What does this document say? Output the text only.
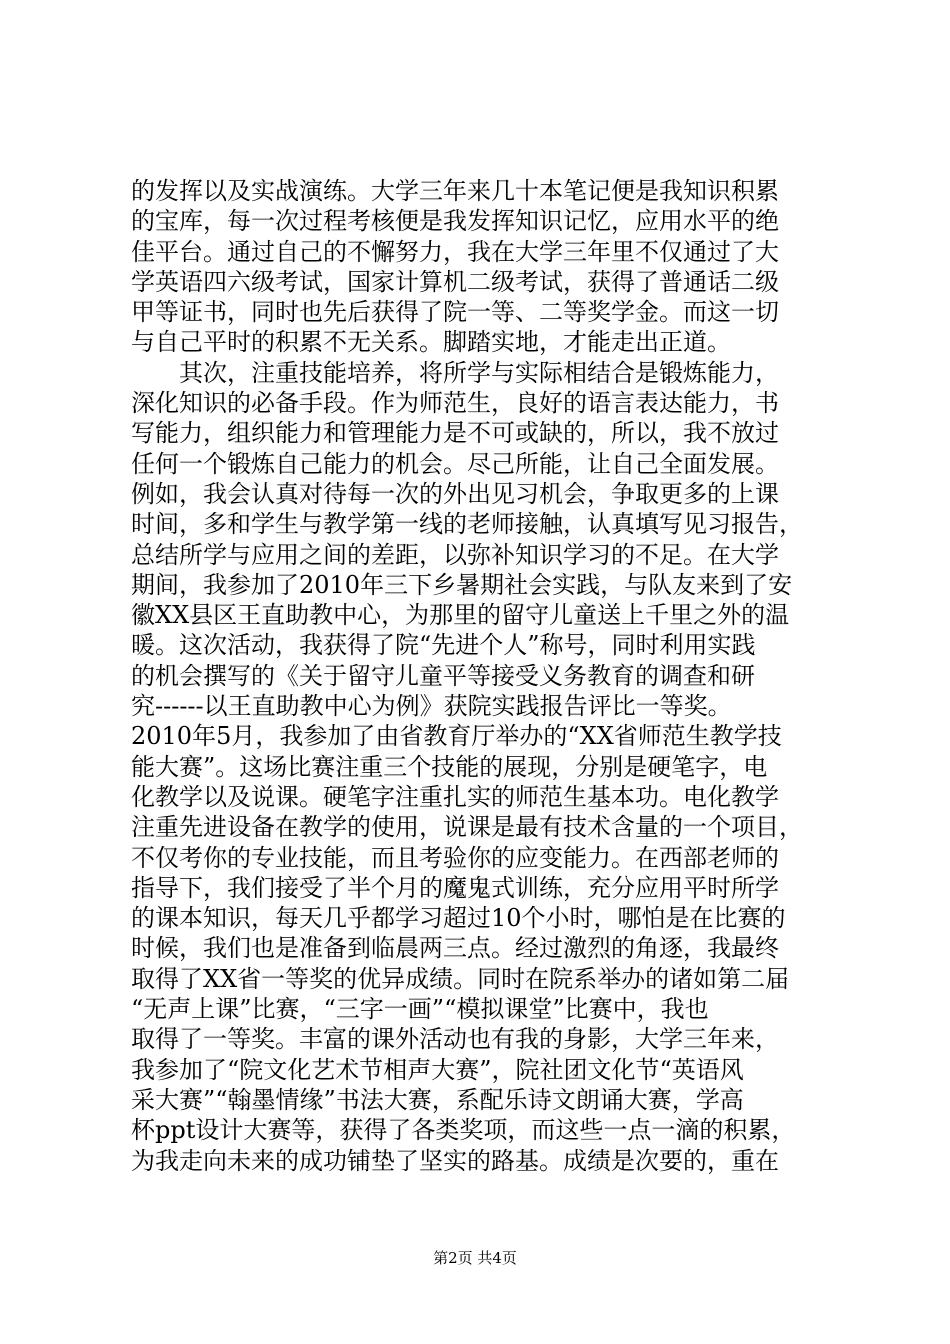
的发挥以及实战演练。大学三年来几十本笔记便是我知识积累
的宝库，每一次过程考核便是我发挥知识记忆，应用水平的绝
佳平台。通过自己的不懈努力，我在大学三年里不仅通过了大
学英语四六级考试，国家计算机二级考试，获得了普通话二级
甲等证书，同时也先后获得了院一等、二等奖学金。而这一切
与自己平时的积累不无关系。脚踏实地，才能走出正道。
　　其次，注重技能培养，将所学与实际相结合是锻炼能力，
深化知识的必备手段。作为师范生，良好的语言表达能力，书
写能力，组织能力和管理能力是不可或缺的，所以，我不放过
任何一个锻炼自己能力的机会。尽己所能，让自己全面发展。
例如，我会认真对待每一次的外出见习机会，争取更多的上课
时间，多和学生与教学第一线的老师接触，认真填写见习报告，
总结所学与应用之间的差距，以弥补知识学习的不足。在大学
期间，我参加了2010年三下乡暑期社会实践，与队友来到了安
徽XX县区王直助教中心，为那里的留守儿童送上千里之外的温
暖。这次活动，我获得了院“先进个人”称号，同时利用实践
的机会撰写的《关于留守儿童平等接受义务教育的调查和研
究------以王直助教中心为例》获院实践报告评比一等奖。
2010年5月，我参加了由省教育厅举办的“XX省师范生教学技
能大赛”。这场比赛注重三个技能的展现，分别是硬笔字，电
化教学以及说课。硬笔字注重扎实的师范生基本功。电化教学
注重先进设备在教学的使用，说课是最有技术含量的一个项目，
不仅考你的专业技能，而且考验你的应变能力。在西部老师的
指导下，我们接受了半个月的魔鬼式训练，充分应用平时所学
的课本知识，每天几乎都学习超过10个小时，哪怕是在比赛的
时候，我们也是准备到临晨两三点。经过激烈的角逐，我最终
取得了XX省一等奖的优异成绩。同时在院系举办的诸如第二届
“无声上课”比赛，“三字一画”“模拟课堂”比赛中，我也
取得了一等奖。丰富的课外活动也有我的身影，大学三年来，
我参加了“院文化艺术节相声大赛”，院社团文化节“英语风
采大赛”“翰墨情缘”书法大赛，系配乐诗文朗诵大赛，学高
杯ppt设计大赛等，获得了各类奖项，而这些一点一滴的积累，
为我走向未来的成功铺垫了坚实的路基。成绩是次要的，重在
第2页 共4页
